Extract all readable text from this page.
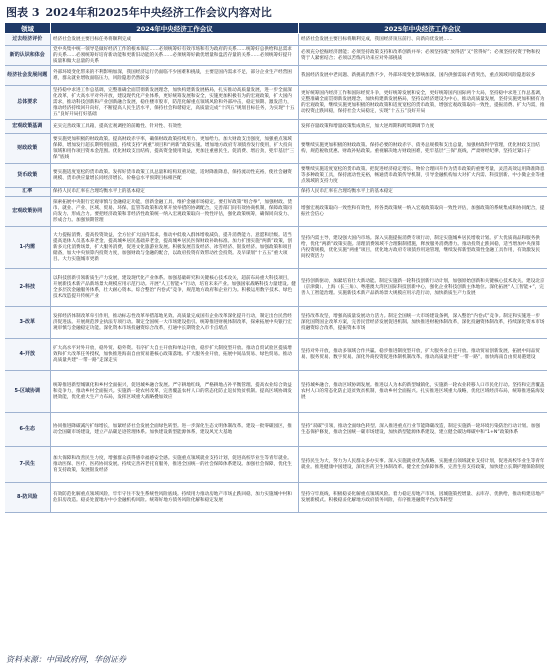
图表 3 2024年和2025年中央经济工作会议内容对比
领域	2024年中央经济工作会议	2025年中央经济工作会议
过去经济评价	经济社会发展主要目标任务将顺利完成	经济社会发展主要目标将顺利完成，我国经济顶压前行、向新向优发展……
新的认识和体会	党中央集中统一领导是做好经济工作的根本保证……必须统筹好有效市场和有为政府的关系……统筹好总供给和总需求的关系……必须统筹好培育新动能和更新旧动能的关系……必须统筹好做优增量和盘活存量的关系……必须统筹好提升质量和做大总量的关系	必须充分挖掘经济潜能；必须坚持政策支持和改革创新并举；必须坚持既“放得活”又“管得好”；必须坚持投资于物和投资于人紧密结合；必须以苦练内功来应对外部挑战
经济社会发展问题	外部环境变化带来的不利影响加深，我国经济运行仍面临不少困难和挑战，主要是国内需求不足，部分企业生产经营困难，群众就业增收面临压力，风险隐患仍然较多	我国经济发展中老问题、新挑战仍然不少，外部环境变化影响加深，国内供强需弱矛盾突出，重点领域风险隐患较多
总体要求	坚持稳中求进工作总基调，完整准确全面贯彻新发展理念，加快构建新发展格局，扎实推动高质量发展，进一步全面深化改革，扩大高水平对外开放，建设现代化产业体系，更好统筹发展和安全，实施更加积极有为的宏观政策，扩大国内需求，推动科技创新和产业创新融合发展，稳住楼市股市，防范化解重点领域风险和外部冲击，稳定预期、激发活力，推动经济持续回升向好，不断提高人民生活水平，保持社会和谐稳定，高质量完成“十四五”规划目标任务，为实现“十五五”良好开局打好基础	更好统筹国内经济工作和国际经贸斗争，更好统筹发展和安全，更好统筹国内国际两个大局，坚持稳中求进工作总基调，完整准确全面贯彻新发展理念，加快构建新发展格局，坚持以经济建设为中心，推动高质量发展，坚持实施更加积极有为的宏观政策，继续实施更加积极的财政政策和适度宽松的货币政策，增强宏观政策取向一致性，提振消费、扩大内需，推动投资止跌回稳，保持社会大局稳定，实现“十五五”良好开局
宏观政策基调	充实完善政策工具箱，提高宏观调控的前瞻性、针对性、有效性	发挥存量政策和增量政策集成效应，加大逆周期和跨周期调节力度
财政政策	要实施更加积极的财政政策。提高财政赤字率，确保财政政策持续用力、更加给力。加大财政支出强度，加强重点领域保障，增加发行超长期特别国债，持续支持“两重”项目和“两新”政策实施。增加地方政府专项债券发行使用，扩大投向领域和用作项目资本金范围。优化财政支出结构，提高资金使用效益，更加注重惠民生、促消费、增后劲，兜牢基层“三保”底线	要继续实施更加积极的财政政策。保持必要的财政赤字、债务总规模和支出总量，加强财政科学管理，优化财政支出结构，规范税收优惠、财政补贴政策。重视解决地方财政困难，兜牢基层“三保”底线，严肃财经纪律，坚持过紧日子
货币政策	要实施适度宽松的货币政策。发挥好货币政策工具总量和结构双重功能，适时降准降息，保持流动性充裕，使社会融资规模、货币供应量增长同经济增长、价格总水平预期目标相匹配	要继续实施适度宽松的货币政策。把促进经济稳定增长、物价合理回升作为货币政策的重要考量，灵活高效运用降准降息等多种政策工具，保持流动性充裕，畅通货币政策传导机制，引导金融机构加大对扩大内需、科技创新、中小微企业等重点领域的支持力度
汇率	保持人民币汇率在合理均衡水平上的基本稳定	保持人民币汇率在合理均衡水平上的基本稳定
宏观政策协同	探索拓展中央银行宏观审慎与金融稳定功能，创新金融工具，维护金融市场稳定。要打好政策“组合拳”，加强财政、货币、就业、产业、区域、贸易、环保、监管等政策和改革开放举措的协调配合，完善部门间有效协商机制，保障政策同向发力、形成合力。要把经济政策和非经济性政策统一纳入宏观政策取向一致性评估，强化政策统筹，确保同向发力、形成合力。加强预期管理	增强宏观政策取向一致性和有效性，将各类政策统一纳入宏观政策取向一致性评估，加强政策的系统集成和协同配合，提振社会信心
1-内需	大力提振消费、提高投资效益，全方位扩大国内需求。推动中低收入群体增收减负，提升消费能力、意愿和层级。适当提高退休人员基本养老金，提高城乡居民基础养老金，提高城乡居民医保财政补助标准。加力扩围实施“两新”政策，创新多元化消费场景，扩大服务消费，促进文化旅游业发展。积极发展首发经济、冰雪经济、银发经济。加强政策和项目储备，加大中央预算内投资力度，加强财政与金融的配合，以政府投资有效带动社会投资。及早谋划“十五五”重大项目。大力实施城市更新	坚持内需主导，建设强大国内市场。深入实施提振消费专项行动，制定实施城乡居民增收计划。扩大优质商品和服务供给，优化“两新”政策实施。清理消费领域不合理限制措施，释放服务消费潜力。推动投资止跌回稳，适当增加中央预算内投资规模，优化实施“两重”项目，优化地方政府专项债券用途管理，继续发挥新型政策性金融工具作用，有效激发民间投资活力
2-科技	以科技创新引领新质生产力发展，建设现代化产业体系。加强基础研究和关键核心技术攻关，超前布局重大科技项目，开展新技术新产品新场景大规模应用示范行动。开展“人工智能+”行动，培育未来产业。加强国家战略科技力量建设。健全多层次金融服务体系，壮大耐心资本。综合整治“内卷式”竞争，规范地方政府和企业行为。积极运用数字技术、绿色技术改造提升传统产业	坚持创新驱动，加紧培育壮大新动能。制定实施新一轮科技创新行动计划，加强原始创新和关键核心技术攻关。建设北京（京津冀）、上海（长三角）、粤港澳大湾区国际科技创新中心，强化企业科技创新主体地位。深化拓展“人工智能+”，完善人工智能治理。实施新技术新产品新场景大规模应用示范行动，加快新质生产力发展
3-改革	发挥经济体制改革牵引作用，推动标志性改革举措落地见效。高质量完成国有企业改革深化提升行动，制定出台民营经济促进法。开展规范涉企执法专项行动。制定全国统一大市场建设指引。统筹推进财税体制改革，探索拓展中央银行宏观审慎与金融稳定功能。深化资本市场投融资综合改革，打通中长期资金入市卡点堵点	坚持改革攻坚，增强高质量发展动力活力。制定全国统一大市场建设条例，深入整治“内卷式”竞争。制定和实施进一步深化国资国企改革方案，完善民营经济发展促进机制。加快推进财税体制改革，深化投融资体制改革，持续深化资本市场投融资综合改革，提振资本市场
4-开放	扩大高水平对外开放，稳外贸、稳外资。有序扩大自主开放和单边开放，稳步扩大制度型开放。推动自贸试验区提质增效和扩大改革任务授权，加快推进海南自由贸易港核心政策落地。扩大服务业开放，拓展中间品贸易、绿色贸易。推动高质量共建“一带一路”走深走实	坚持对外开放，推动多领域合作共赢。稳步推进制度型开放，扩大服务业自主开放。推动贸易创新发展，拓展中间品贸易、服务贸易、数字贸易。深化外商投资促进体制机制改革。推动高质量共建“一带一路”，加快海南自由贸易港建设
5-区域协调	统筹推进新型城镇化和乡村全面振兴，促进城乡融合发展。严守耕地红线，严格耕地占补平衡管理。提高农业综合效益和竞争力，推动乡村全面振兴。实施新一轮农村改革，完善覆盖农村人口的常态化防止返贫致贫机制。提高区域协调发展效能，优化重大生产力布局，发挥区域重大战略叠加效应	坚持城乡融合，推动区域协调发展。推进以人为本的新型城镇化，实施新一轮农业转移人口市民化行动。坚持和完善覆盖农村人口的常态化防止返贫致贫机制，推动乡村全面振兴。扎实推进区域重大战略，优化区域经济布局，统筹推进陆海发展
6-生态	协同推进降碳减污扩绿增长，加紧经济社会发展全面绿色转型。进一步深化生态文明体制改革。建设一批零碳园区，推动全国碳市场建设，建立产品碳足迹管理体系。加快建设新型能源体系，建设风光大基地	坚持“双碳”引领，推动全面绿色转型。深入推进重点行业节能降碳改造，制定实施新一轮环境污染防治行动计划。加强生态保护修复，推动全国统一碳市场建设，加快新型能源体系建设，建立健全碳达峰碳中和“1+N”政策体系
7-民生	加大保障和改善民生力度，增强群众获得感幸福感安全感。实施重点领域就业支持计划，促进高校毕业生等青年就业。推动医保、医疗、医药协同发展。持续完善养老托育服务，推进全国统一的社会保障体系建设。加强社会保障，优化生育支持政策，发展银发经济	坚持民生为大，努力为人民群众多办实事。深入实施就业优先战略，实施重点领域就业支持计划，促进高校毕业生等青年就业。推进健康中国建设，深化医药卫生体制改革。健全社会保障体系，完善生育支持政策，加快建立长期护理保险制度
8-防风险	有效防范化解重点领域风险，牢牢守住不发生系统性风险底线。持续用力推动房地产市场止跌回稳，加力实施城中村和危旧房改造。稳妥处置地方中小金融机构风险。统筹好地方债务风险化解和稳定发展	坚持守牢底线，积极稳妥化解重点领域风险。着力稳定房地产市场，因城施策控增量、去库存、优供给，推动构建房地产发展新模式。积极稳妥化解地方政府债务风险，有序推进融资平台改革转型
资料来源：中国政府网，华创证券
